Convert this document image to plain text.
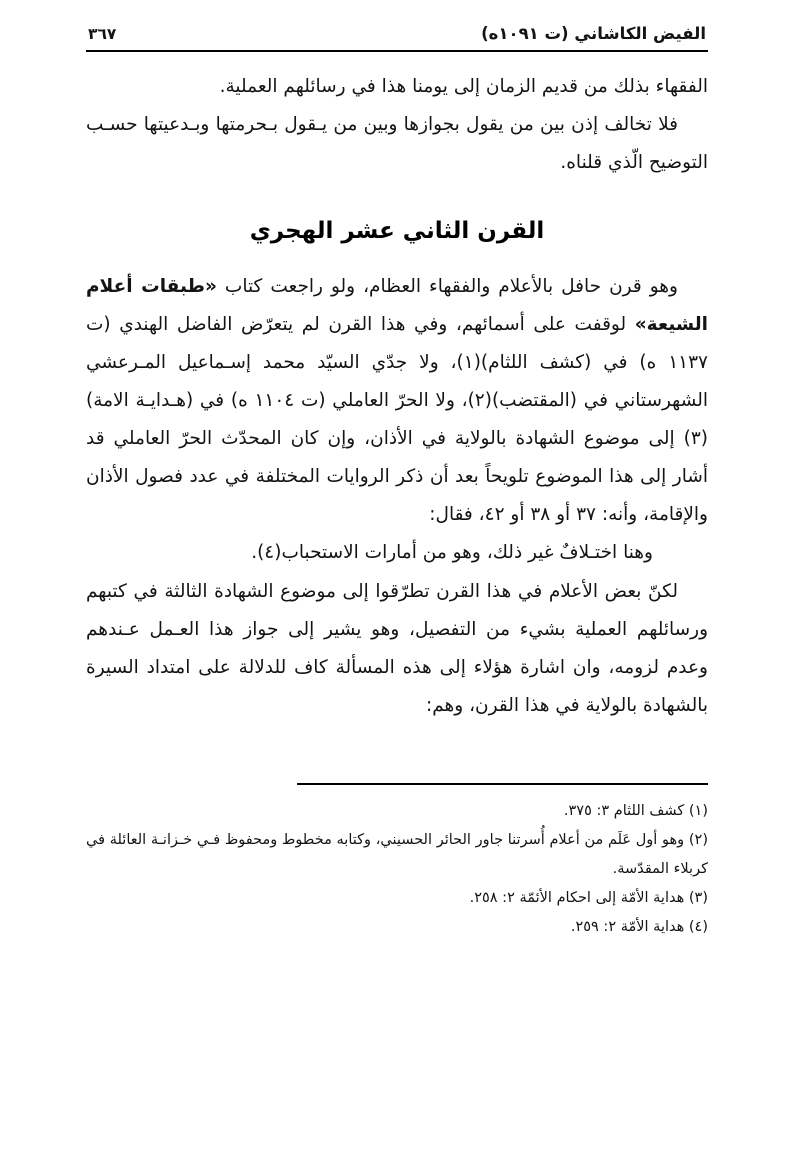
الفيض الكاشاني (ت ١٠٩١ه)
٣٦٧

الفقهاء بذلك من قديم الزمان إلى يومنا هذا في رسائلهم العملية.

فلا تخالف إذن بين من يقول بجوازها وبين من يـقول بـحرمتها وبـدعيتها حسـب التوضيح الّذي قلناه.

القرن الثاني عشر الهجري

وهو قرن حافل بالأعلام والفقهاء العظام، ولو راجعت كتاب «طبقات أعلام الشيعة» لوقفت على أسمائهم، وفي هذا القرن لم يتعرّض الفاضل الهندي (ت ١١٣٧ ه) في (كشف اللثام)(١)، ولا جدّي السيّد محمد إسـماعيل المـرعشي الشهرستاني في (المقتضب)(٢)، ولا الحرّ العاملي (ت ١١٠٤ ه) في (هـدايـة الامة)(٣) إلى موضوع الشهادة بالولاية في الأذان، وإن كان المحدّث الحرّ العاملي قد أشار إلى هذا الموضوع تلويحاً بعد أن ذكر الروايات المختلفة في عدد فصول الأذان والإقامة، وأنه: ٣٧ أو ٣٨ أو ٤٢، فقال:

وهنا اختـلافٌ غير ذلك، وهو من أمارات الاستحباب(٤).

لكنّ بعض الأعلام في هذا القرن تطرّقوا إلى موضوع الشهادة الثالثة في كتبهم ورسائلهم العملية بشيء من التفصيل، وهو يشير إلى جواز هذا العـمل عـندهم وعدم لزومه، وان اشارة هؤلاء إلى هذه المسألة كاف للدلالة على امتداد السيرة بالشهادة بالولاية في هذا القرن، وهم:

(١) كشف اللثام ٣: ٣٧٥.

(٢) وهو أول عَلَم من أعلام أُسرتنا جاور الحائر الحسيني، وكتابه مخطوط ومحفوظ فـي خـزانـة العائلة في كربلاء المقدّسة.

(٣) هداية الأمّة إلى احكام الأئمّة ٢: ٢٥٨.

(٤) هداية الأمّة ٢: ٢٥٩.
